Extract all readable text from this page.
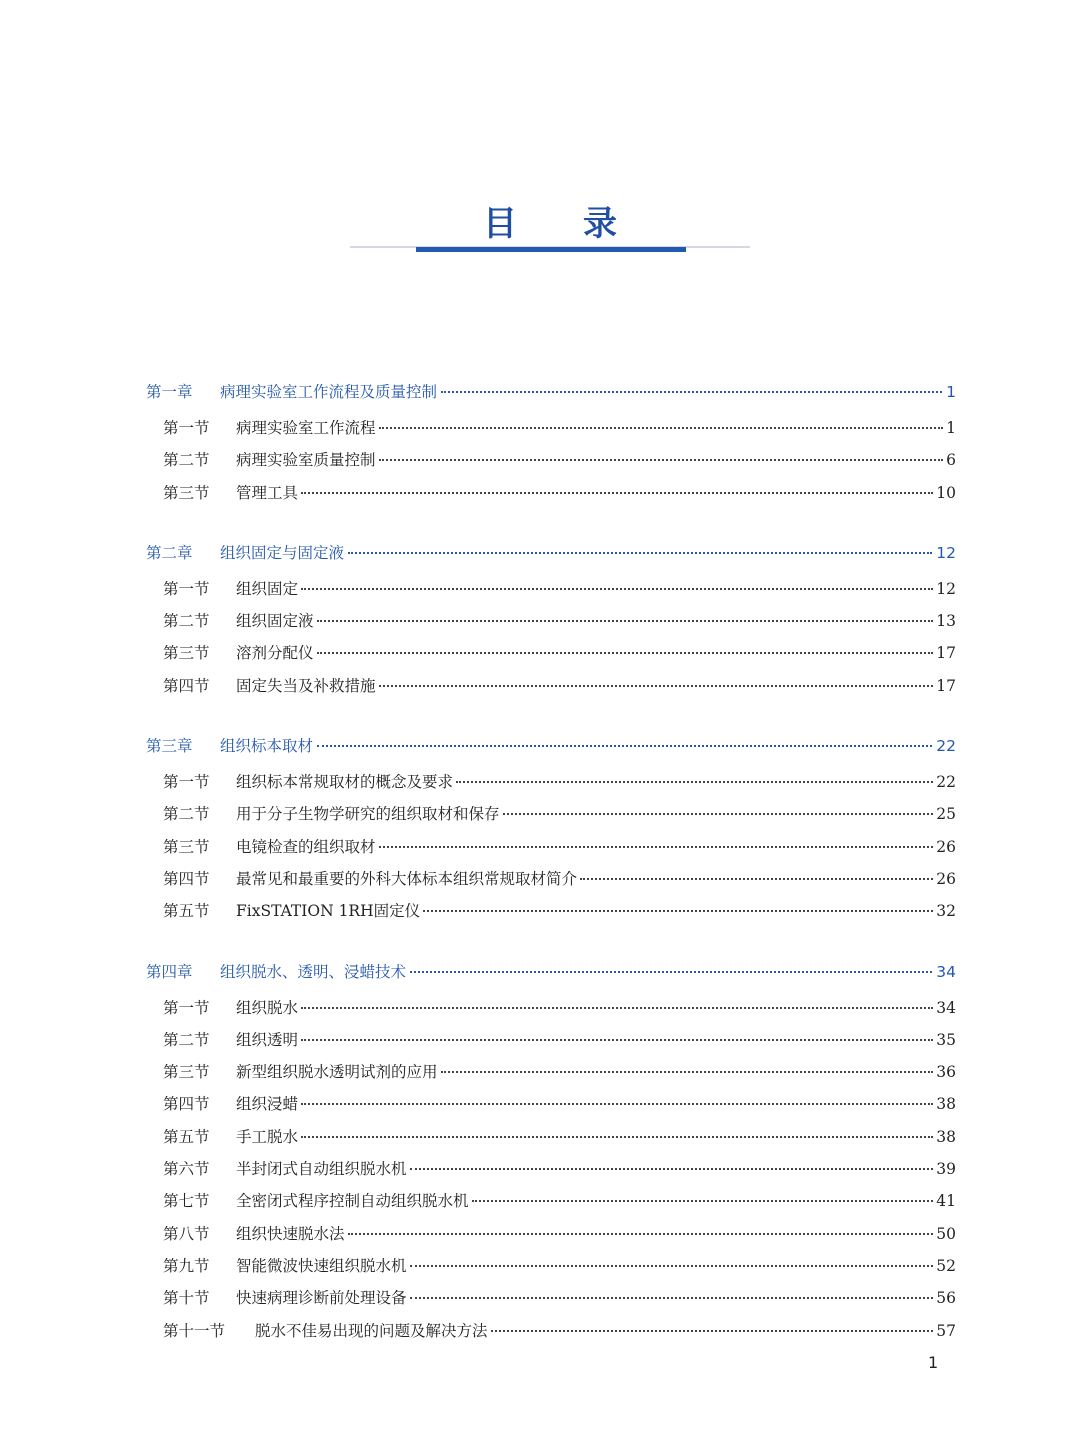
目录
第一章	病理实验室工作流程及质量控制	1
第一节	病理实验室工作流程	1
第二节	病理实验室质量控制	6
第三节	管理工具	10
第二章	组织固定与固定液	12
第一节	组织固定	12
第二节	组织固定液	13
第三节	溶剂分配仪	17
第四节	固定失当及补救措施	17
第三章	组织标本取材	22
第一节	组织标本常规取材的概念及要求	22
第二节	用于分子生物学研究的组织取材和保存	25
第三节	电镜检查的组织取材	26
第四节	最常见和最重要的外科大体标本组织常规取材简介	26
第五节	FixSTATION 1RH固定仪	32
第四章	组织脱水、透明、浸蜡技术	34
第一节	组织脱水	34
第二节	组织透明	35
第三节	新型组织脱水透明试剂的应用	36
第四节	组织浸蜡	38
第五节	手工脱水	38
第六节	半封闭式自动组织脱水机	39
第七节	全密闭式程序控制自动组织脱水机	41
第八节	组织快速脱水法	50
第九节	智能微波快速组织脱水机	52
第十节	快速病理诊断前处理设备	56
第十一节	脱水不佳易出现的问题及解决方法	57
1
